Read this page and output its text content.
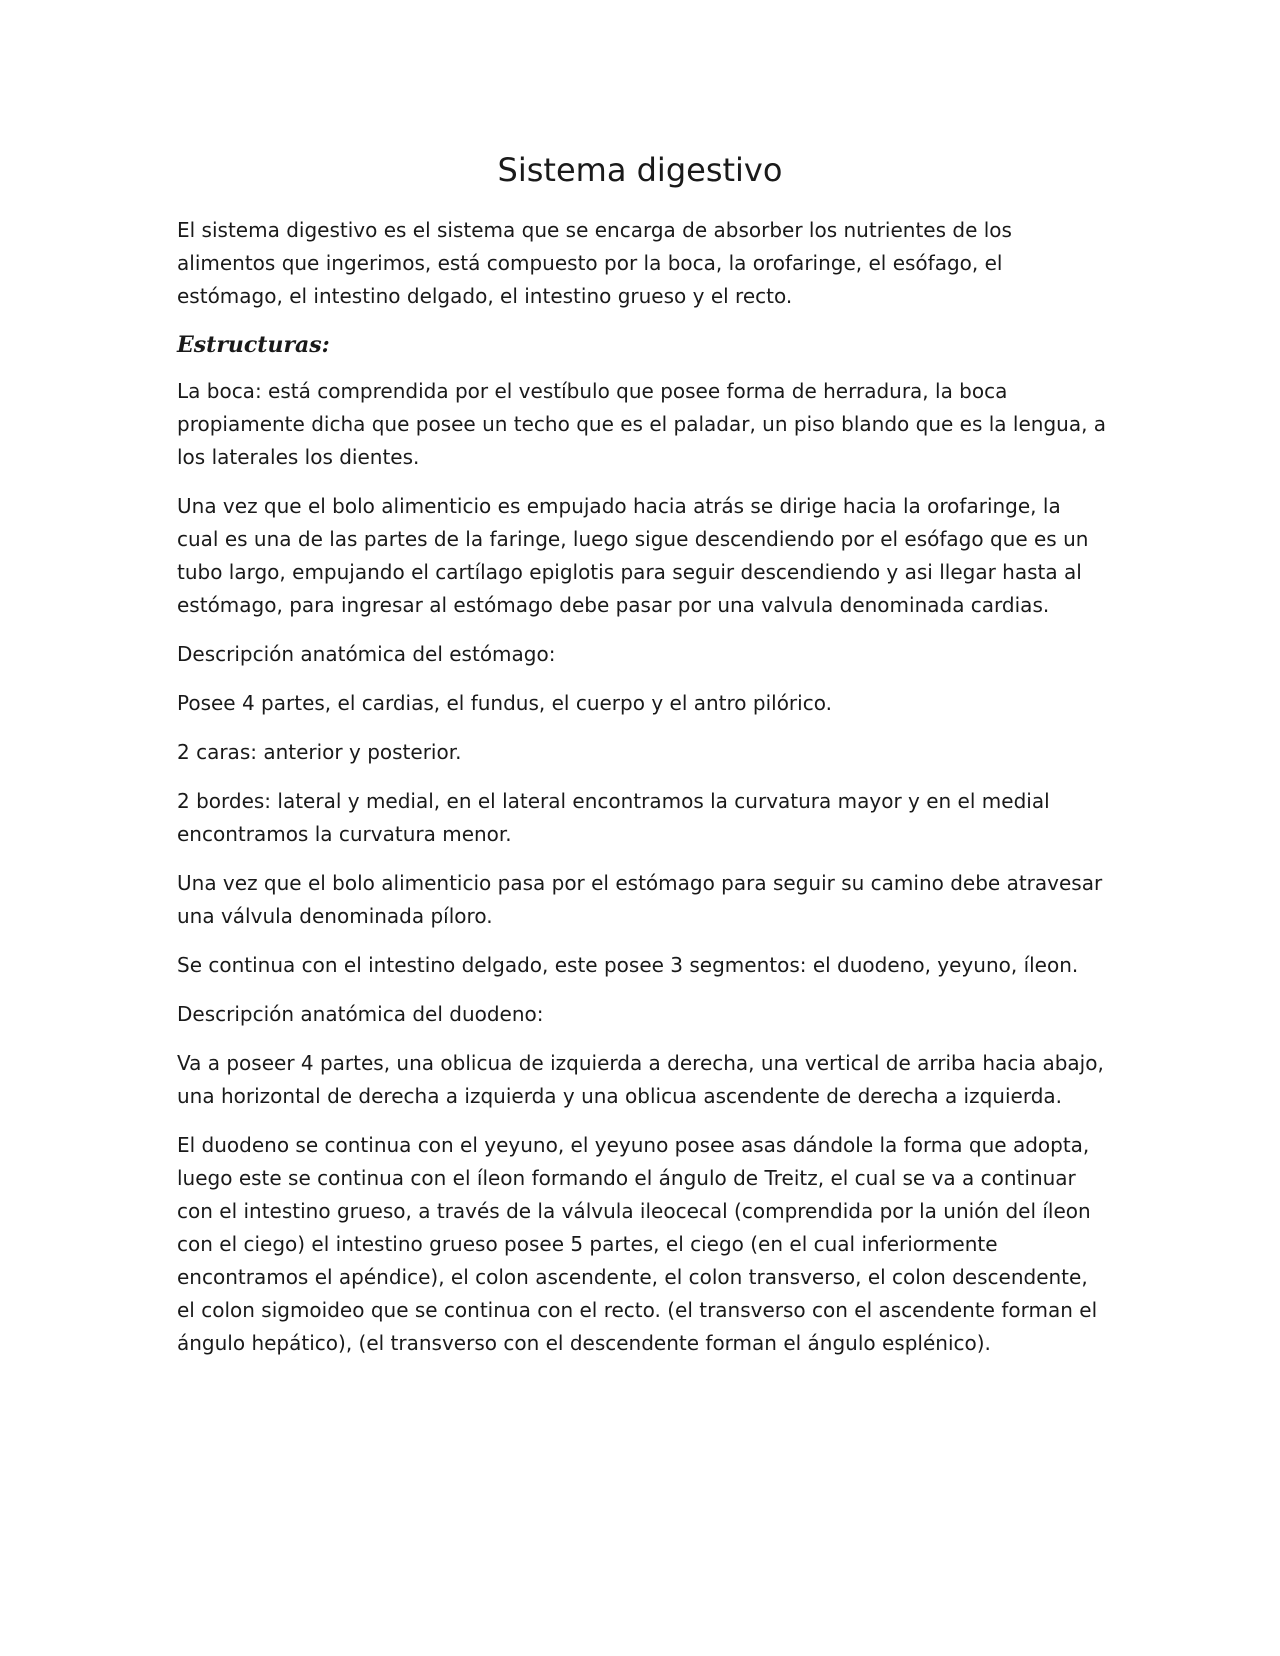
Sistema digestivo

El sistema digestivo es el sistema que se encarga de absorber los nutrientes de los alimentos que ingerimos, está compuesto por la boca, la orofaringe, el esófago, el estómago, el intestino delgado, el intestino grueso y el recto.

Estructuras:

La boca: está comprendida por el vestíbulo que posee forma de herradura, la boca propiamente dicha que posee un techo que es el paladar, un piso blando que es la lengua, a los laterales los dientes.

Una vez que el bolo alimenticio es empujado hacia atrás se dirige hacia la orofaringe, la cual es una de las partes de la faringe, luego sigue descendiendo por el esófago que es un tubo largo, empujando el cartílago epiglotis para seguir descendiendo y asi llegar hasta al estómago, para ingresar al estómago debe pasar por una valvula denominada cardias.

Descripción anatómica del estómago:

Posee 4 partes, el cardias, el fundus, el cuerpo y el antro pilórico.

2 caras: anterior y posterior.

2 bordes: lateral y medial, en el lateral encontramos la curvatura mayor y en el medial encontramos la curvatura menor.

Una vez que el bolo alimenticio pasa por el estómago para seguir su camino debe atravesar una válvula denominada píloro.

Se continua con el intestino delgado, este posee 3 segmentos: el duodeno, yeyuno, íleon.

Descripción anatómica del duodeno:

Va a poseer 4 partes, una oblicua de izquierda a derecha, una vertical de arriba hacia abajo, una horizontal de derecha a izquierda y una oblicua ascendente de derecha a izquierda.

El duodeno se continua con el yeyuno, el yeyuno posee asas dándole la forma que adopta, luego este se continua con el íleon formando el ángulo de Treitz, el cual se va a continuar con el intestino grueso, a través de la válvula ileocecal (comprendida por la unión del íleon con el ciego) el intestino grueso posee 5 partes, el ciego (en el cual inferiormente encontramos el apéndice), el colon ascendente, el colon transverso, el colon descendente, el colon sigmoideo que se continua con el recto. (el transverso con el ascendente forman el ángulo hepático), (el transverso con el descendente forman el ángulo esplénico).
